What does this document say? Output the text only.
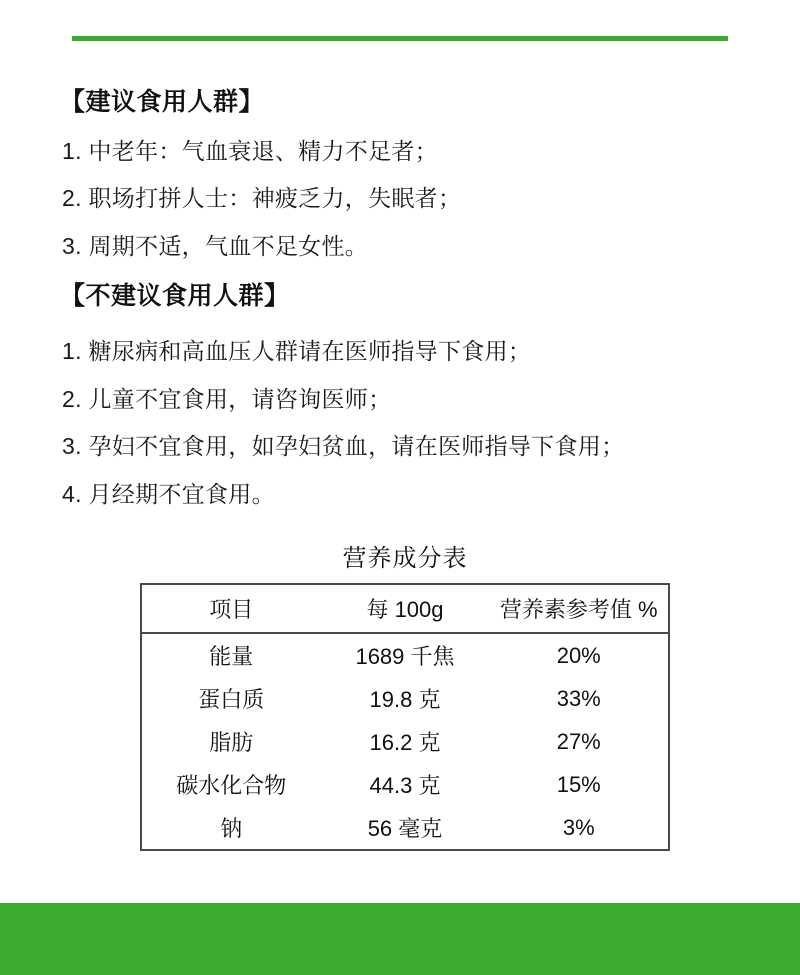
【建议食用人群】
1. 中老年：气血衰退、精力不足者；
2. 职场打拼人士：神疲乏力，失眠者；
3. 周期不适，气血不足女性。
【不建议食用人群】
1. 糖尿病和高血压人群请在医师指导下食用；
2. 儿童不宜食用，请咨询医师；
3. 孕妇不宜食用，如孕妇贫血，请在医师指导下食用；
4. 月经期不宜食用。
营养成分表
项目	每 100g	营养素参考值 %
能量	1689 千焦	20%
蛋白质	19.8 克	33%
脂肪	16.2 克	27%
碳水化合物	44.3 克	15%
钠	56 毫克	3%
